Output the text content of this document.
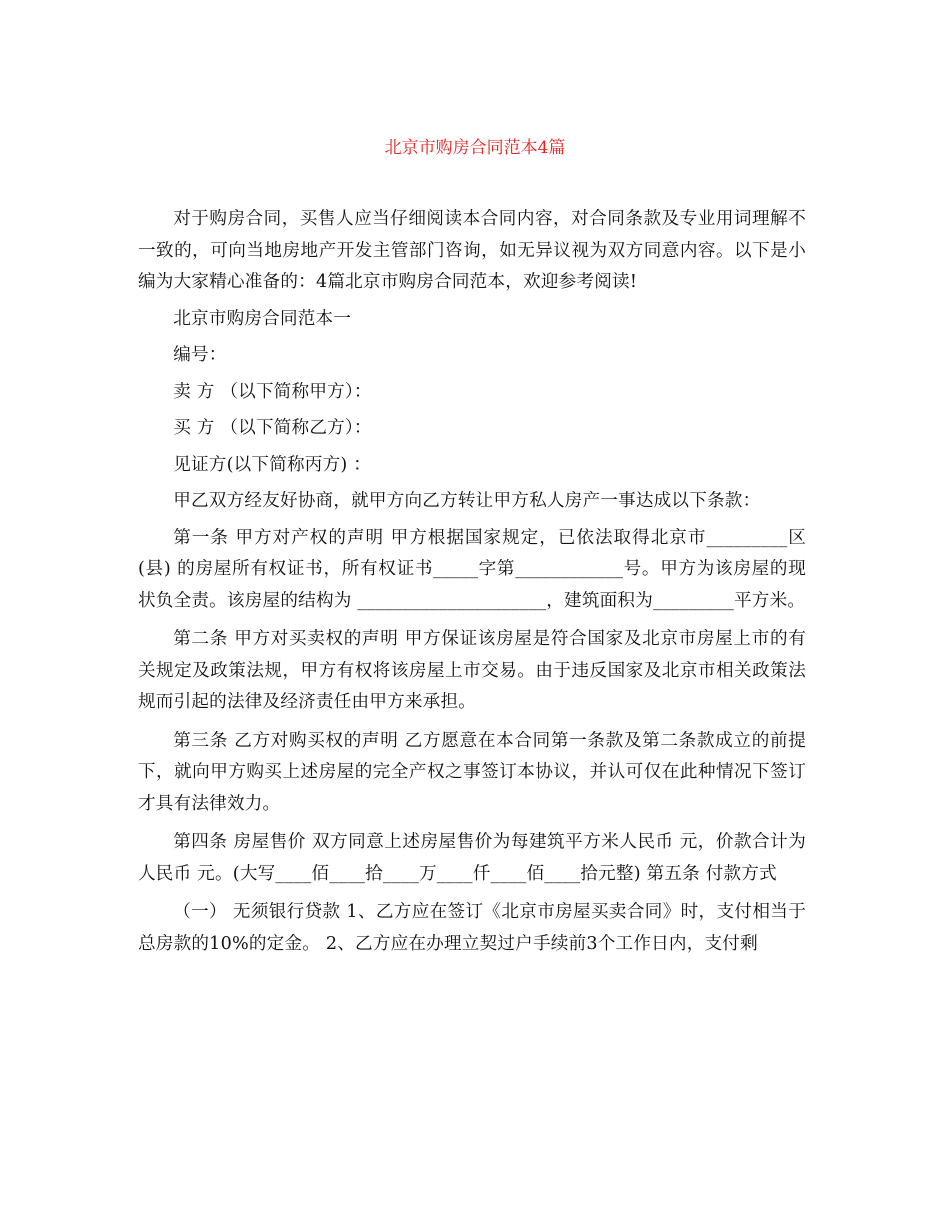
北京市购房合同范本4篇

对于购房合同，买售人应当仔细阅读本合同内容，对合同条款及专业用词理解不一致的，可向当地房地产开发主管部门咨询，如无异议视为双方同意内容。以下是小编为大家精心准备的：4篇北京市购房合同范本，欢迎参考阅读!

北京市购房合同范本一

编号：

卖 方 （以下简称甲方）：

买 方 （以下简称乙方）：

见证方(以下简称丙方) ：

甲乙双方经友好协商，就甲方向乙方转让甲方私人房产一事达成以下条款：

第一条 甲方对产权的声明 甲方根据国家规定，已依法取得北京市_________区(县) 的房屋所有权证书，所有权证书_____字第____________号。甲方为该房屋的现状负全责。该房屋的结构为 _____________________，建筑面积为_________平方米。

第二条 甲方对买卖权的声明 甲方保证该房屋是符合国家及北京市房屋上市的有关规定及政策法规，甲方有权将该房屋上市交易。由于违反国家及北京市相关政策法规而引起的法律及经济责任由甲方来承担。

第三条 乙方对购买权的声明 乙方愿意在本合同第一条款及第二条款成立的前提下，就向甲方购买上述房屋的完全产权之事签订本协议，并认可仅在此种情况下签订才具有法律效力。

第四条 房屋售价 双方同意上述房屋售价为每建筑平方米人民币 元，价款合计为人民币 元。(大写____佰____拾____万____仟____佰____拾元整) 第五条 付款方式

（一） 无须银行贷款 1、乙方应在签订《北京市房屋买卖合同》时，支付相当于总房款的10%的定金。 2、乙方应在办理立契过户手续前3个工作日内，支付剩
